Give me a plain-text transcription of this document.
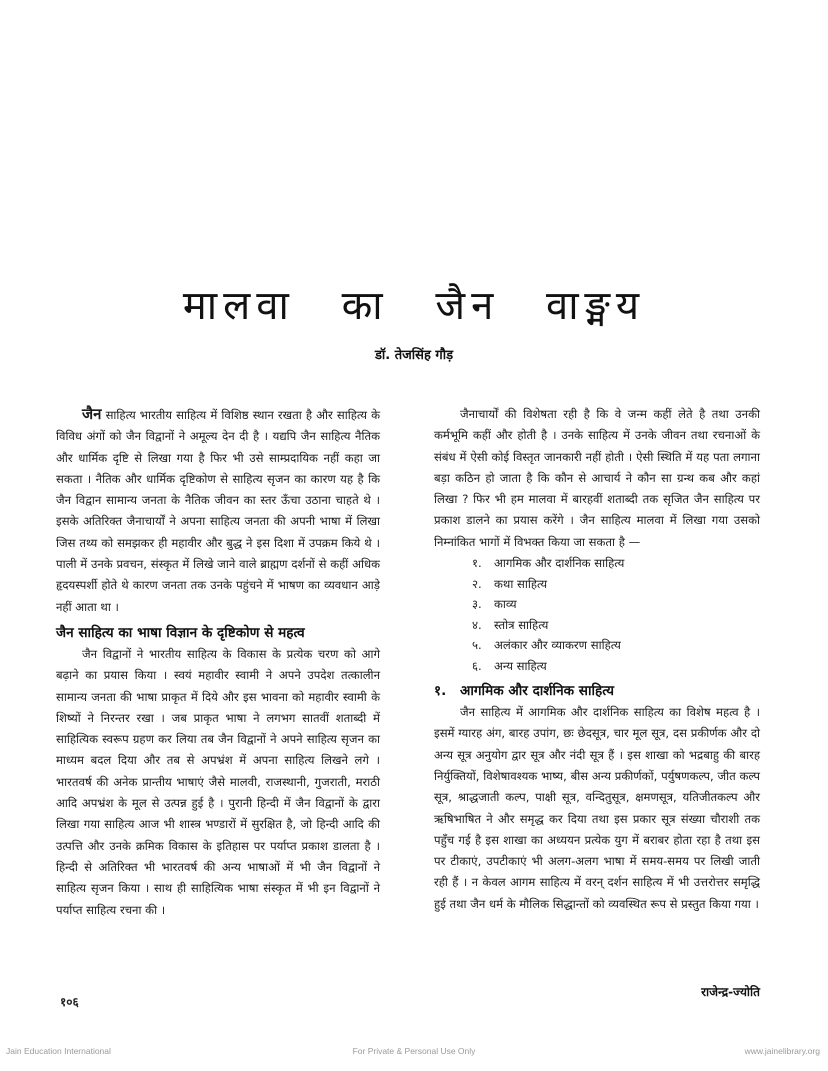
मालवा का जैन वाङ्मय
डॉ. तेजसिंह गौड़

जैन साहित्य भारतीय साहित्य में विशिष्ठ स्थान रखता है और साहित्य के विविध अंगों को जैन विद्वानों ने अमूल्य देन दी है । यद्यपि जैन साहित्य नैतिक और धार्मिक दृष्टि से लिखा गया है फिर भी उसे साम्प्रदायिक नहीं कहा जा सकता । नैतिक और धार्मिक दृष्टिकोण से साहित्य सृजन का कारण यह है कि जैन विद्वान सामान्य जनता के नैतिक जीवन का स्तर ऊँचा उठाना चाहते थे । इसके अतिरिक्त जैनाचार्यों ने अपना साहित्य जनता की अपनी भाषा में लिखा जिस तथ्य को समझकर ही महावीर और बुद्ध ने इस दिशा में उपक्रम किये थे । पाली में उनके प्रवचन, संस्कृत में लिखे जाने वाले ब्राह्मण दर्शनों से कहीं अधिक हृदयस्पर्शी होते थे कारण जनता तक उनके पहुंचने में भाषण का व्यवधान आड़े नहीं आता था ।

जैन साहित्य का भाषा विज्ञान के दृष्टिकोण से महत्व

जैन विद्वानों ने भारतीय साहित्य के विकास के प्रत्येक चरण को आगे बढ़ाने का प्रयास किया । स्वयं महावीर स्वामी ने अपने उपदेश तत्कालीन सामान्य जनता की भाषा प्राकृत में दिये और इस भावना को महावीर स्वामी के शिष्यों ने निरन्तर रखा । जब प्राकृत भाषा ने लगभग सातवीं शताब्दी में साहित्यिक स्वरूप ग्रहण कर लिया तब जैन विद्वानों ने अपने साहित्य सृजन का माध्यम बदल दिया और तब से अपभ्रंश में अपना साहित्य लिखने लगे । भारतवर्ष की अनेक प्रान्तीय भाषाएं जैसे मालवी, राजस्थानी, गुजराती, मराठी आदि अपभ्रंश के मूल से उत्पन्न हुई है । पुरानी हिन्दी में जैन विद्वानों के द्वारा लिखा गया साहित्य आज भी शास्त्र भण्डारों में सुरक्षित है, जो हिन्दी आदि की उत्पत्ति और उनके क्रमिक विकास के इतिहास पर पर्याप्त प्रकाश डालता है । हिन्दी से अतिरिक्त भी भारतवर्ष की अन्य भाषाओं में भी जैन विद्वानों ने साहित्य सृजन किया । साथ ही साहित्यिक भाषा संस्कृत में भी इन विद्वानों ने पर्याप्त साहित्य रचना की ।

जैनाचार्यों की विशेषता रही है कि वे जन्म कहीं लेते है तथा उनकी कर्मभूमि कहीं और होती है । उनके साहित्य में उनके जीवन तथा रचनाओं के संबंध में ऐसी कोई विस्तृत जानकारी नहीं होती । ऐसी स्थिति में यह पता लगाना बड़ा कठिन हो जाता है कि कौन से आचार्य ने कौन सा ग्रन्थ कब और कहां लिखा ? फिर भी हम मालवा में बारहवीं शताब्दी तक सृजित जैन साहित्य पर प्रकाश डालने का प्रयास करेंगे । जैन साहित्य मालवा में लिखा गया उसको निम्नांकित भागों में विभक्त किया जा सकता है —

१. आगमिक और दार्शनिक साहित्य
२. कथा साहित्य
३. काव्य
४. स्तोत्र साहित्य
५. अलंकार और व्याकरण साहित्य
६. अन्य साहित्य
१. आगमिक और दार्शनिक साहित्य

जैन साहित्य में आगमिक और दार्शनिक साहित्य का विशेष महत्व है । इसमें ग्यारह अंग, बारह उपांग, छः छेदसूत्र, चार मूल सूत्र, दस प्रकीर्णक और दो अन्य सूत्र अनुयोग द्वार सूत्र और नंदी सूत्र हैं । इस शाखा को भद्रबाहु की बारह निर्युक्तियों, विशेषावश्यक भाष्य, बीस अन्य प्रकीर्णकों, पर्युषणकल्प, जीत कल्प सूत्र, श्राद्धजाती कल्प, पाक्षी सूत्र, वन्दितुसूत्र, क्षमणसूत्र, यतिजीतकल्प और ऋषिभाषित ने और समृद्ध कर दिया तथा इस प्रकार सूत्र संख्या चौराशी तक पहुँच गई है इस शाखा का अध्ययन प्रत्येक युग में बराबर होता रहा है तथा इस पर टीकाएं, उपटीकाएं भी अलग-अलग भाषा में समय-समय पर लिखी जाती रही हैं । न केवल आगम साहित्य में वरन् दर्शन साहित्य में भी उत्तरोत्तर समृद्धि हुई तथा जैन धर्म के मौलिक सिद्धान्तों को व्यवस्थित रूप से प्रस्तुत किया गया ।

१०६
राजेन्द्र-ज्योति
Jain Education International	For Private & Personal Use Only	www.jainelibrary.org
